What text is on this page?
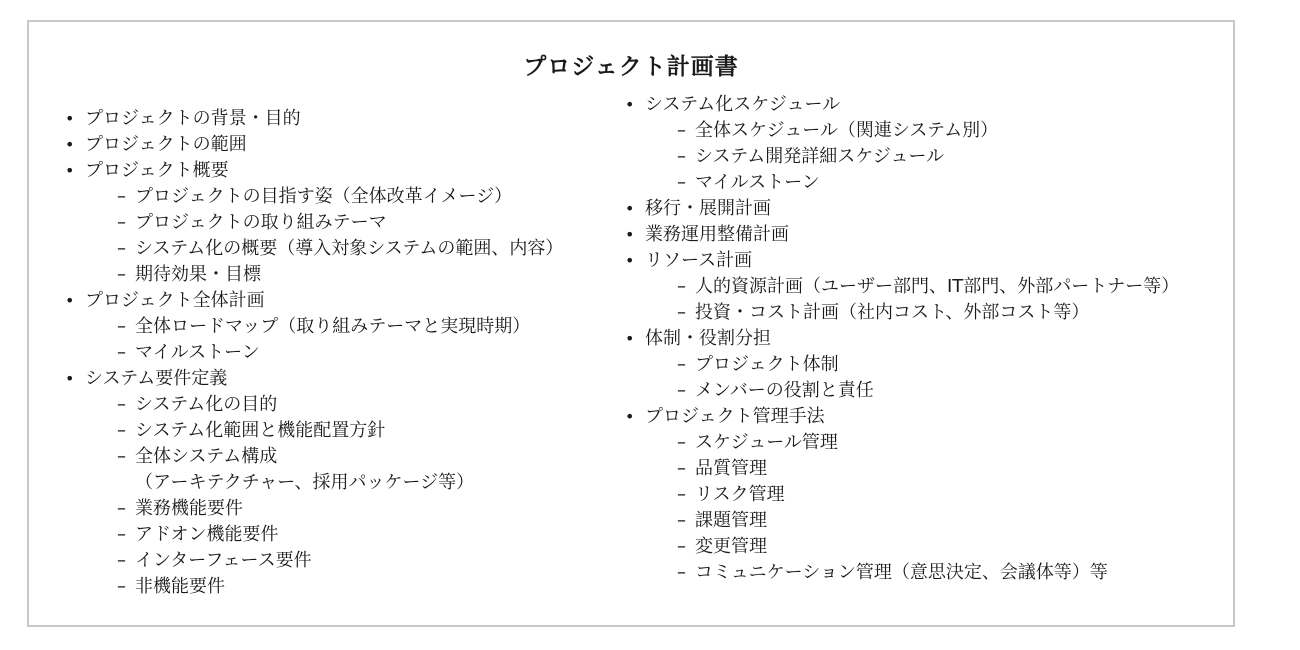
プロジェクト計画書
• プロジェクトの背景・目的
• プロジェクトの範囲
• プロジェクト概要
– プロジェクトの目指す姿（全体改革イメージ）
– プロジェクトの取り組みテーマ
– システム化の概要（導入対象システムの範囲、内容）
– 期待効果・目標
• プロジェクト全体計画
– 全体ロードマップ（取り組みテーマと実現時期）
– マイルストーン
• システム要件定義
– システム化の目的
– システム化範囲と機能配置方針
– 全体システム構成
（アーキテクチャー、採用パッケージ等）
– 業務機能要件
– アドオン機能要件
– インターフェース要件
– 非機能要件
• システム化スケジュール
– 全体スケジュール（関連システム別）
– システム開発詳細スケジュール
– マイルストーン
• 移行・展開計画
• 業務運用整備計画
• リソース計画
– 人的資源計画（ユーザー部門、IT部門、外部パートナー等）
– 投資・コスト計画（社内コスト、外部コスト等）
• 体制・役割分担
– プロジェクト体制
– メンバーの役割と責任
• プロジェクト管理手法
– スケジュール管理
– 品質管理
– リスク管理
– 課題管理
– 変更管理
– コミュニケーション管理（意思決定、会議体等）等
